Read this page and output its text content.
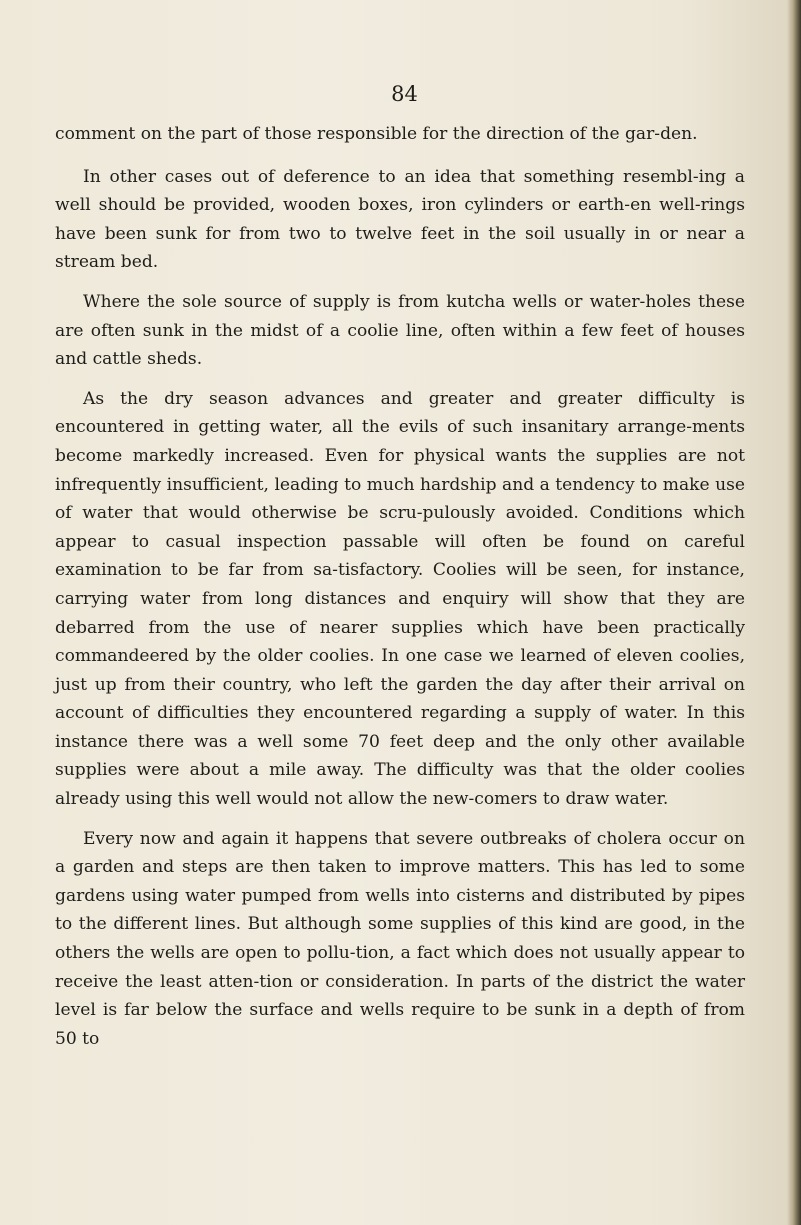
84

comment on the part of those responsible for the direction of the gar-den.

In other cases out of deference to an idea that something resembl-ing a well should be provided, wooden boxes, iron cylinders or earth-en well-rings have been sunk for from two to twelve feet in the soil usually in or near a stream bed.

Where the sole source of supply is from kutcha wells or water-holes these are often sunk in the midst of a coolie line, often within a few feet of houses and cattle sheds.

As the dry season advances and greater and greater difficulty is encountered in getting water, all the evils of such insanitary arrange-ments become markedly increased. Even for physical wants the supplies are not infrequently insufficient, leading to much hardship and a tendency to make use of water that would otherwise be scru-pulously avoided. Conditions which appear to casual inspection passable will often be found on careful examination to be far from sa-tisfactory. Coolies will be seen, for instance, carrying water from long distances and enquiry will show that they are debarred from the use of nearer supplies which have been practically commandeered by the older coolies. In one case we learned of eleven coolies, just up from their country, who left the garden the day after their arrival on account of difficulties they encountered regarding a supply of water. In this instance there was a well some 70 feet deep and the only other available supplies were about a mile away. The difficulty was that the older coolies already using this well would not allow the new-comers to draw water.

Every now and again it happens that severe outbreaks of cholera occur on a garden and steps are then taken to improve matters. This has led to some gardens using water pumped from wells into cisterns and distributed by pipes to the different lines. But although some supplies of this kind are good, in the others the wells are open to pollu-tion, a fact which does not usually appear to receive the least atten-tion or consideration. In parts of the district the water level is far below the surface and wells require to be sunk in a depth of from 50 to
